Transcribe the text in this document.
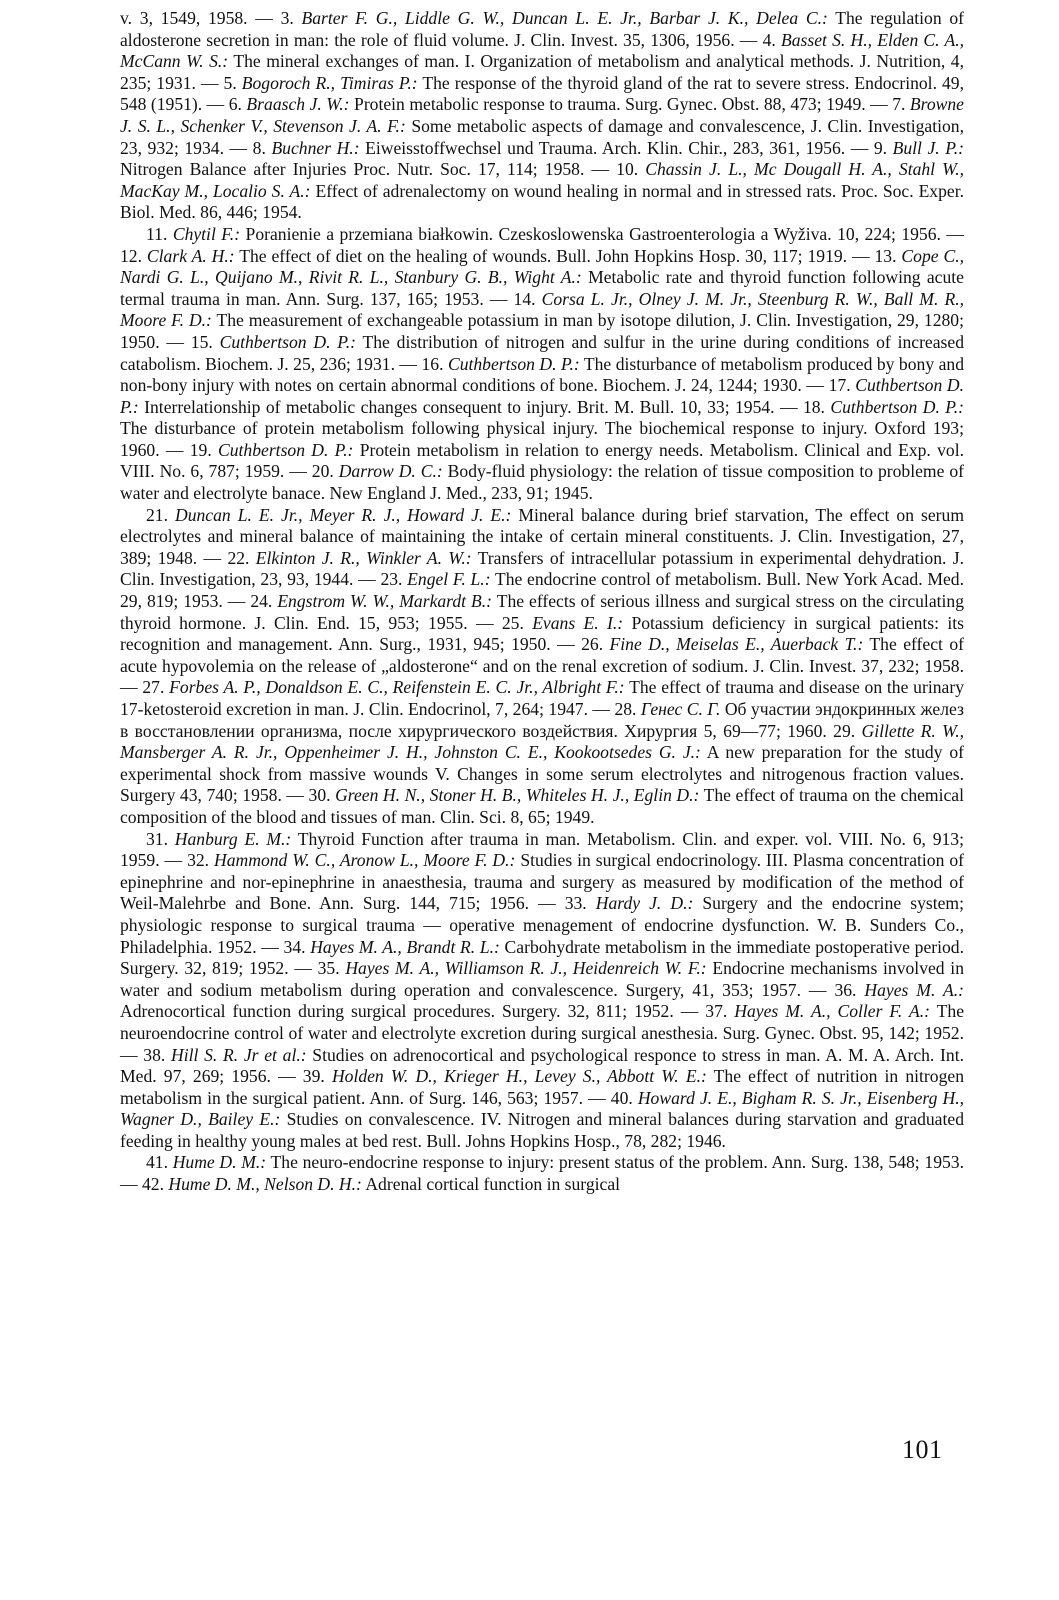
v. 3, 1549, 1958. — 3. Barter F. G., Liddle G. W., Duncan L. E. Jr., Barbar J. K., Delea C.: The regulation of aldosterone secretion in man: the role of fluid volume. J. Clin. Invest. 35, 1306, 1956. — 4. Basset S. H., Elden C. A., McCann W. S.: The mineral exchanges of man. I. Organization of metabolism and analytical methods. J. Nutrition, 4, 235; 1931. — 5. Bogoroch R., Timiras P.: The response of the thyroid gland of the rat to severe stress. Endocrinol. 49, 548 (1951). — 6. Braasch J. W.: Protein metabolic response to trauma. Surg. Gynec. Obst. 88, 473; 1949. — 7. Browne J. S. L., Schenker V., Stevenson J. A. F.: Some metabolic aspects of damage and convalescence, J. Clin. Investigation, 23, 932; 1934. — 8. Buchner H.: Eiweisstoffwechsel und Trauma. Arch. Klin. Chir., 283, 361, 1956. — 9. Bull J. P.: Nitrogen Balance after Injuries Proc. Nutr. Soc. 17, 114; 1958. — 10. Chassin J. L., Mc Dougall H. A., Stahl W., MacKay M., Localio S. A.: Effect of adrenalectomy on wound healing in normal and in stressed rats. Proc. Soc. Exper. Biol. Med. 86, 446; 1954.

11. Chytil F.: Poranienie a przemiana białkowin. Czeskoslowenska Gastroenterologia a Wyživa. 10, 224; 1956. — 12. Clark A. H.: The effect of diet on the healing of wounds. Bull. John Hopkins Hosp. 30, 117; 1919. — 13. Cope C., Nardi G. L., Quijano M., Rivit R. L., Stanbury G. B., Wight A.: Metabolic rate and thyroid function following acute termal trauma in man. Ann. Surg. 137, 165; 1953. — 14. Corsa L. Jr., Olney J. M. Jr., Steenburg R. W., Ball M. R., Moore F. D.: The measurement of exchangeable potassium in man by isotope dilution, J. Clin. Investigation, 29, 1280; 1950. — 15. Cuthbertson D. P.: The distribution of nitrogen and sulfur in the urine during conditions of increased catabolism. Biochem. J. 25, 236; 1931. — 16. Cuthbertson D. P.: The disturbance of metabolism produced by bony and non-bony injury with notes on certain abnormal conditions of bone. Biochem. J. 24, 1244; 1930. — 17. Cuthbertson D. P.: Interrelationship of metabolic changes consequent to injury. Brit. M. Bull. 10, 33; 1954. — 18. Cuthbertson D. P.: The disturbance of protein metabolism following physical injury. The biochemical response to injury. Oxford 193; 1960. — 19. Cuthbertson D. P.: Protein metabolism in relation to energy needs. Metabolism. Clinical and Exp. vol. VIII. No. 6, 787; 1959. — 20. Darrow D. C.: Body-fluid physiology: the relation of tissue composition to probleme of water and electrolyte banace. New England J. Med., 233, 91; 1945.

21. Duncan L. E. Jr., Meyer R. J., Howard J. E.: Mineral balance during brief starvation, The effect on serum electrolytes and mineral balance of maintaining the intake of certain mineral constituents. J. Clin. Investigation, 27, 389; 1948. — 22. Elkinton J. R., Winkler A. W.: Transfers of intracellular potassium in experimental dehydration. J. Clin. Investigation, 23, 93, 1944. — 23. Engel F. L.: The endocrine control of metabolism. Bull. New York Acad. Med. 29, 819; 1953. — 24. Engstrom W. W., Markardt B.: The effects of serious illness and surgical stress on the circulating thyroid hormone. J. Clin. End. 15, 953; 1955. — 25. Evans E. I.: Potassium deficiency in surgical patients: its recognition and management. Ann. Surg., 1931, 945; 1950. — 26. Fine D., Meiselas E., Auerback T.: The effect of acute hypovolemia on the release of „aldosterone“ and on the renal excretion of sodium. J. Clin. Invest. 37, 232; 1958. — 27. Forbes A. P., Donaldson E. C., Reifenstein E. C. Jr., Albright F.: The effect of trauma and disease on the urinary 17-ketosteroid excretion in man. J. Clin. Endocrinol, 7, 264; 1947. — 28. Генес С. Г. Об участии эндокринных желез в восстановлении организма, после хирургического воздействия. Хирургия 5, 69—77; 1960. 29. Gillette R. W., Mansberger A. R. Jr., Oppenheimer J. H., Johnston C. E., Kookootsedes G. J.: A new preparation for the study of experimental shock from massive wounds V. Changes in some serum electrolytes and nitrogenous fraction values. Surgery 43, 740; 1958. — 30. Green H. N., Stoner H. B., Whiteles H. J., Eglin D.: The effect of trauma on the chemical composition of the blood and tissues of man. Clin. Sci. 8, 65; 1949.

31. Hanburg E. M.: Thyroid Function after trauma in man. Metabolism. Clin. and exper. vol. VIII. No. 6, 913; 1959. — 32. Hammond W. C., Aronow L., Moore F. D.: Studies in surgical endocrinology. III. Plasma concentration of epinephrine and nor-epinephrine in anaesthesia, trauma and surgery as measured by modification of the method of Weil-Malehrbe and Bone. Ann. Surg. 144, 715; 1956. — 33. Hardy J. D.: Surgery and the endocrine system; physiologic response to surgical trauma — operative menagement of endocrine dysfunction. W. B. Sunders Co., Philadelphia. 1952. — 34. Hayes M. A., Brandt R. L.: Carbohydrate metabolism in the immediate postoperative period. Surgery. 32, 819; 1952. — 35. Hayes M. A., Williamson R. J., Heidenreich W. F.: Endocrine mechanisms involved in water and sodium metabolism during operation and convalescence. Surgery, 41, 353; 1957. — 36. Hayes M. A.: Adrenocortical function during surgical procedures. Surgery. 32, 811; 1952. — 37. Hayes M. A., Coller F. A.: The neuroendocrine control of water and electrolyte excretion during surgical anesthesia. Surg. Gynec. Obst. 95, 142; 1952. — 38. Hill S. R. Jr et al.: Studies on adrenocortical and psychological responce to stress in man. A. M. A. Arch. Int. Med. 97, 269; 1956. — 39. Holden W. D., Krieger H., Levey S., Abbott W. E.: The effect of nutrition in nitrogen metabolism in the surgical patient. Ann. of Surg. 146, 563; 1957. — 40. Howard J. E., Bigham R. S. Jr., Eisenberg H., Wagner D., Bailey E.: Studies on convalescence. IV. Nitrogen and mineral balances during starvation and graduated feeding in healthy young males at bed rest. Bull. Johns Hopkins Hosp., 78, 282; 1946.

41. Hume D. M.: The neuro-endocrine response to injury: present status of the problem. Ann. Surg. 138, 548; 1953. — 42. Hume D. M., Nelson D. H.: Adrenal cortical function in surgical

101
